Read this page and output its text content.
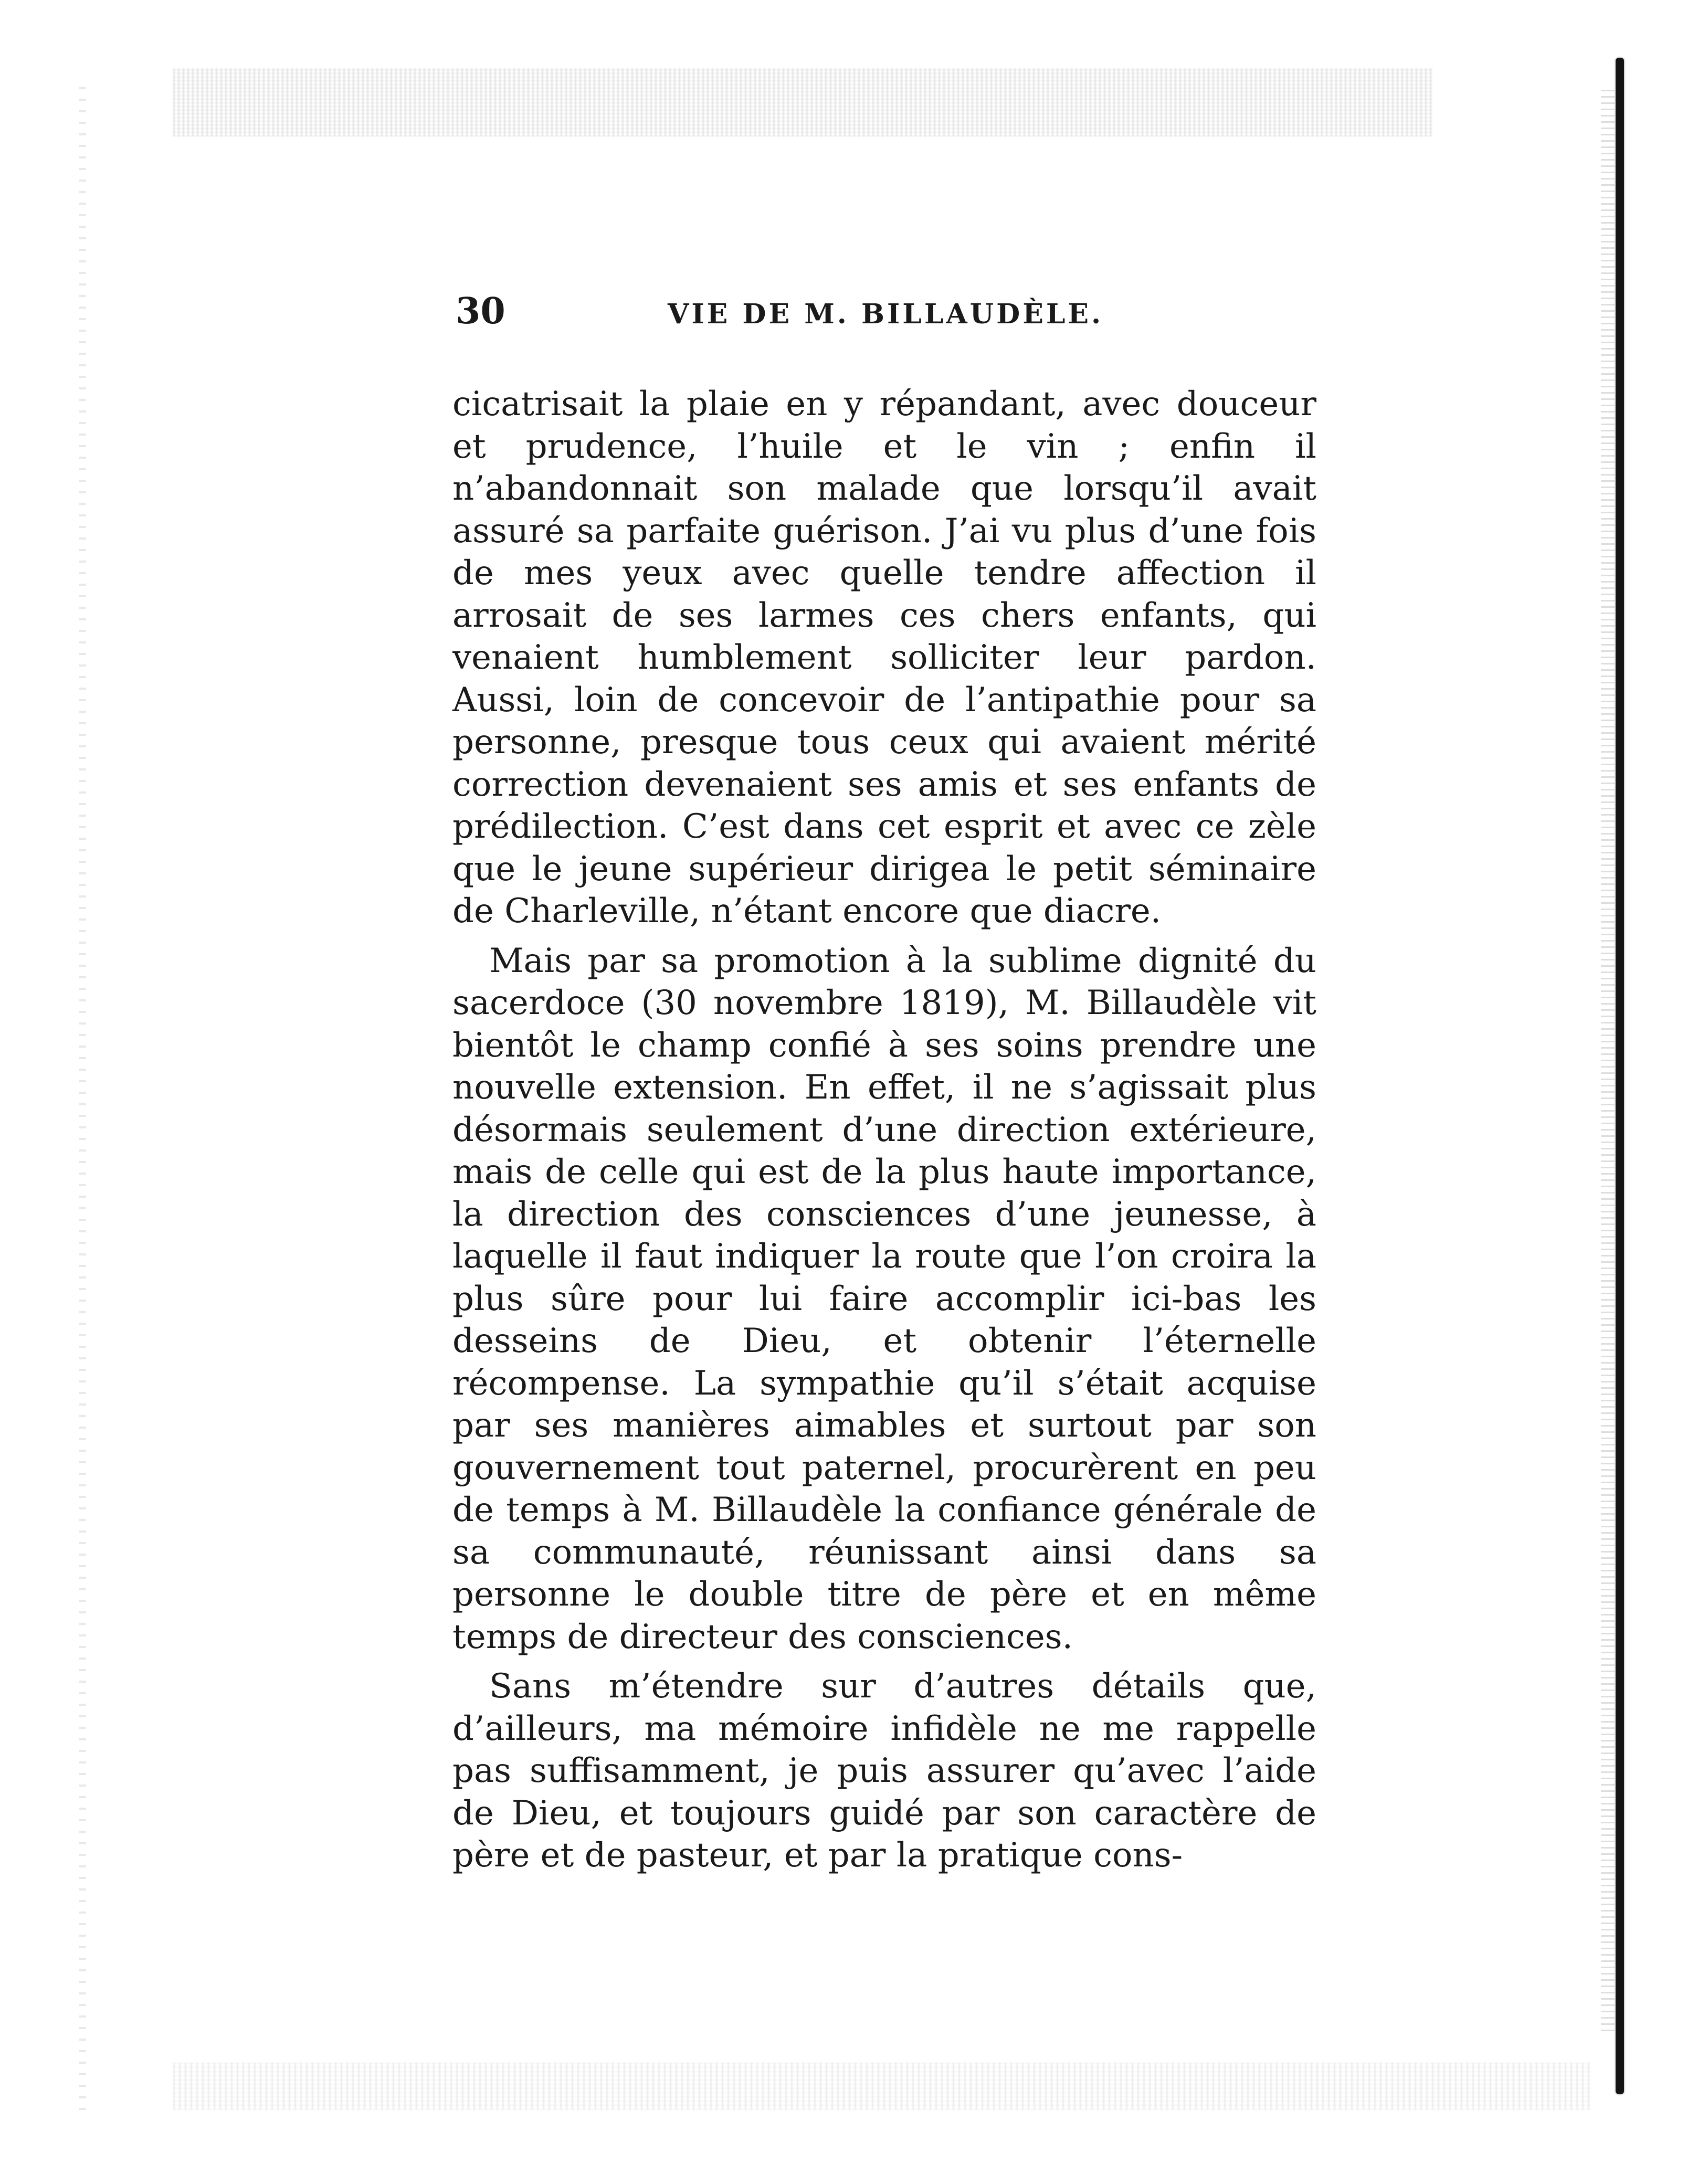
30	VIE DE M. BILLAUDÈLE.

cicatrisait la plaie en y répandant, avec douceur et prudence, l’huile et le vin ; enfin il n’abandonnait son malade que lorsqu’il avait assuré sa parfaite guérison. J’ai vu plus d’une fois de mes yeux avec quelle tendre affection il arrosait de ses larmes ces chers enfants, qui venaient humblement solliciter leur pardon. Aussi, loin de concevoir de l’antipathie pour sa personne, presque tous ceux qui avaient mérité correction devenaient ses amis et ses enfants de prédilection. C’est dans cet esprit et avec ce zèle que le jeune supérieur dirigea le petit séminaire de Charleville, n’étant encore que diacre.

Mais par sa promotion à la sublime dignité du sacerdoce (30 novembre 1819), M. Billaudèle vit bientôt le champ confié à ses soins prendre une nouvelle extension. En effet, il ne s’agissait plus désormais seulement d’une direction extérieure, mais de celle qui est de la plus haute importance, la direction des consciences d’une jeunesse, à laquelle il faut indiquer la route que l’on croira la plus sûre pour lui faire accomplir ici-bas les desseins de Dieu, et obtenir l’éternelle récompense. La sympathie qu’il s’était acquise par ses manières aimables et surtout par son gouvernement tout paternel, procurèrent en peu de temps à M. Billaudèle la confiance générale de sa communauté, réunissant ainsi dans sa personne le double titre de père et en même temps de directeur des consciences.

Sans m’étendre sur d’autres détails que, d’ailleurs, ma mémoire infidèle ne me rappelle pas suffisamment, je puis assurer qu’avec l’aide de Dieu, et toujours guidé par son caractère de père et de pasteur, et par la pratique cons-
